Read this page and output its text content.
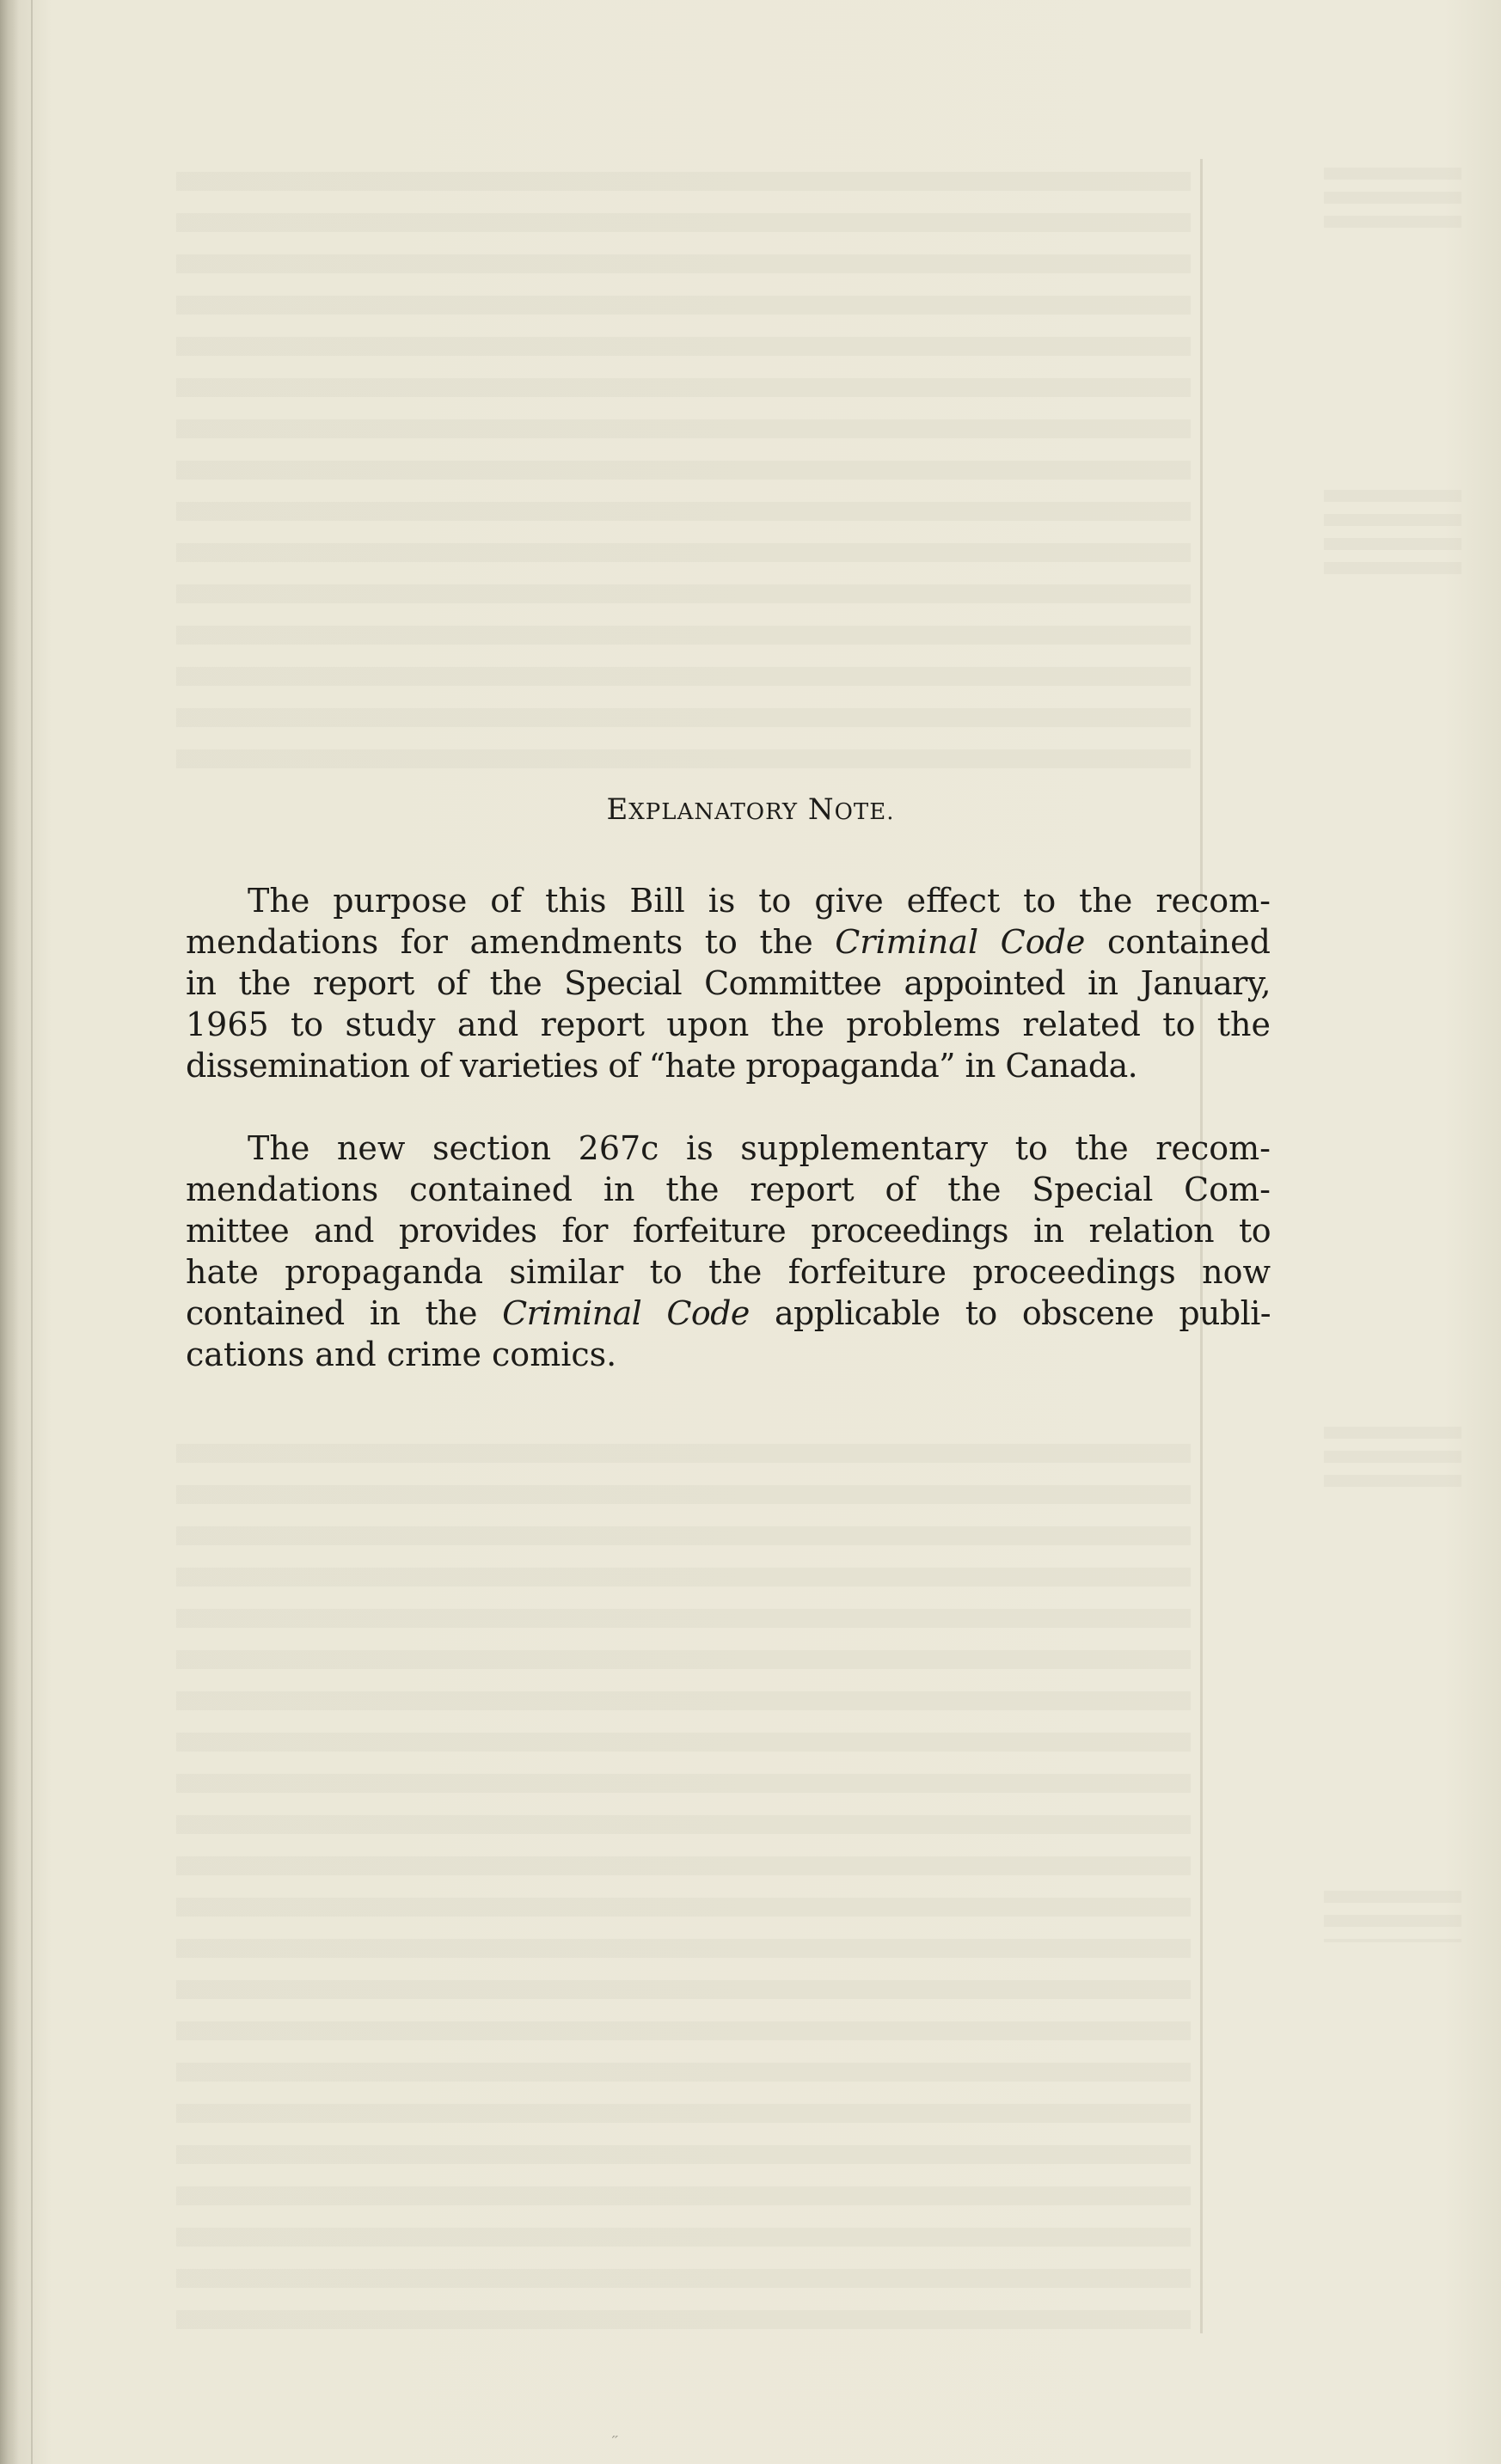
EXPLANATORY NOTE.

The purpose of this Bill is to give effect to the recom-
mendations for amendments to the Criminal Code contained
in the report of the Special Committee appointed in January,
1965 to study and report upon the problems related to the
dissemination of varieties of “hate propaganda” in Canada.

The new section 267c is supplementary to the recom-
mendations contained in the report of the Special Com-
mittee and provides for forfeiture proceedings in relation to
hate propaganda similar to the forfeiture proceedings now
contained in the Criminal Code applicable to obscene publi-
cations and crime comics.

˶
